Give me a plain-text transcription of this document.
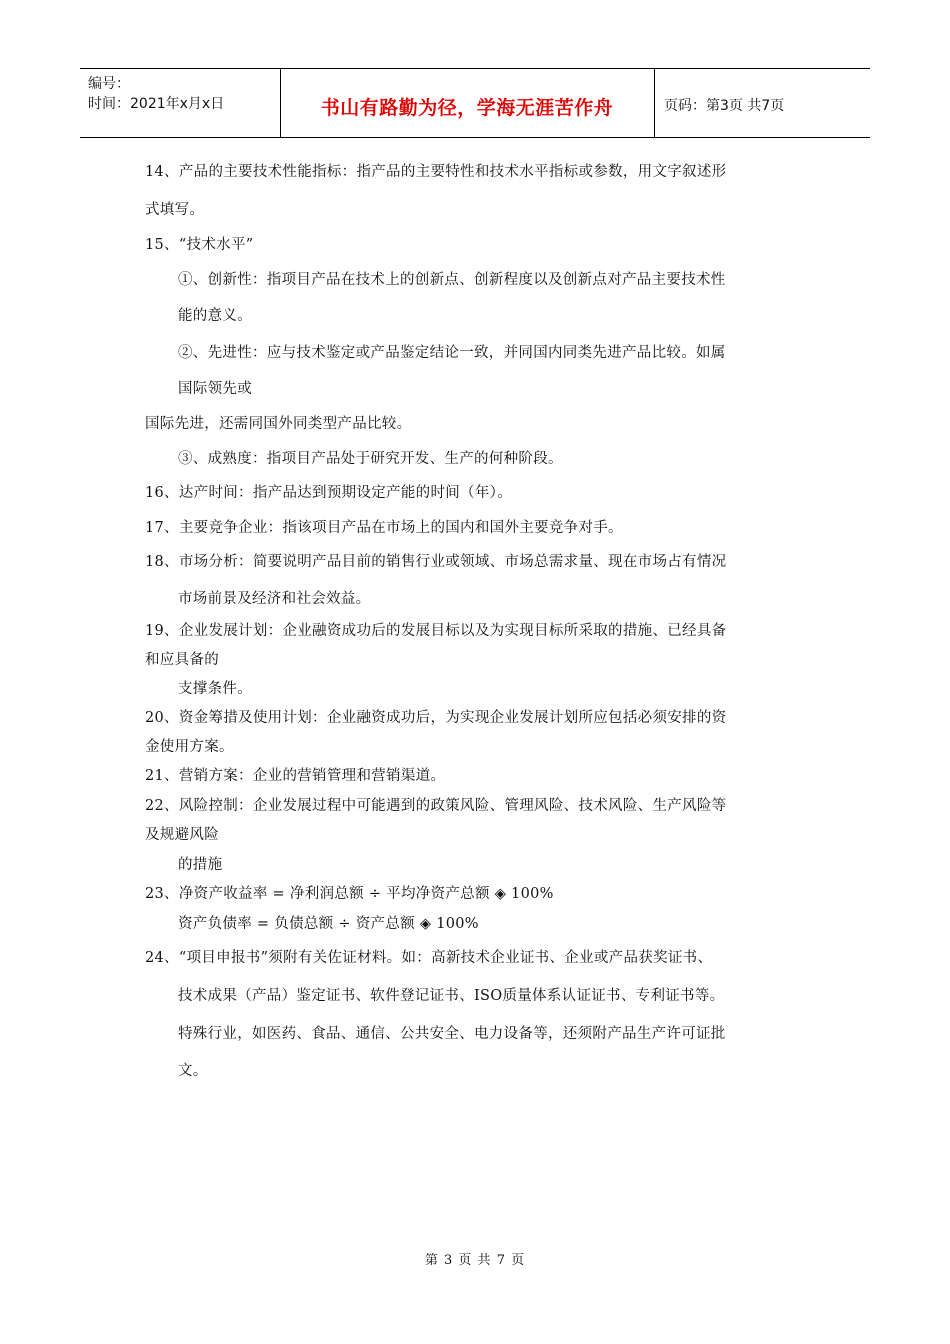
编号：
时间：2021年x月x日	书山有路勤为径，学海无涯苦作舟	页码：第3页 共7页
14、产品的主要技术性能指标：指产品的主要特性和技术水平指标或参数，用文字叙述形
式填写。
15、“技术水平”
①、创新性：指项目产品在技术上的创新点、创新程度以及创新点对产品主要技术性
能的意义。
②、先进性：应与技术鉴定或产品鉴定结论一致，并同国内同类先进产品比较。如属
国际领先或
国际先进，还需同国外同类型产品比较。
③、成熟度：指项目产品处于研究开发、生产的何种阶段。
16、达产时间：指产品达到预期设定产能的时间（年）。
17、主要竞争企业：指该项目产品在市场上的国内和国外主要竞争对手。
18、市场分析：简要说明产品目前的销售行业或领域、市场总需求量、现在市场占有情况
市场前景及经济和社会效益。
19、企业发展计划：企业融资成功后的发展目标以及为实现目标所采取的措施、已经具备
和应具备的
支撑条件。
20、资金筹措及使用计划：企业融资成功后，为实现企业发展计划所应包括必须安排的资
金使用方案。
21、营销方案：企业的营销管理和营销渠道。
22、风险控制：企业发展过程中可能遇到的政策风险、管理风险、技术风险、生产风险等
及规避风险
的措施
23、净资产收益率 = 净利润总额 ÷ 平均净资产总额 ◈ 100%
资产负债率 = 负债总额 ÷ 资产总额 ◈ 100%
24、“项目申报书”须附有关佐证材料。如：高新技术企业证书、企业或产品获奖证书、
技术成果（产品）鉴定证书、软件登记证书、ISO质量体系认证证书、专利证书等。
特殊行业，如医药、食品、通信、公共安全、电力设备等，还须附产品生产许可证批
文。
第 3 页 共 7 页
